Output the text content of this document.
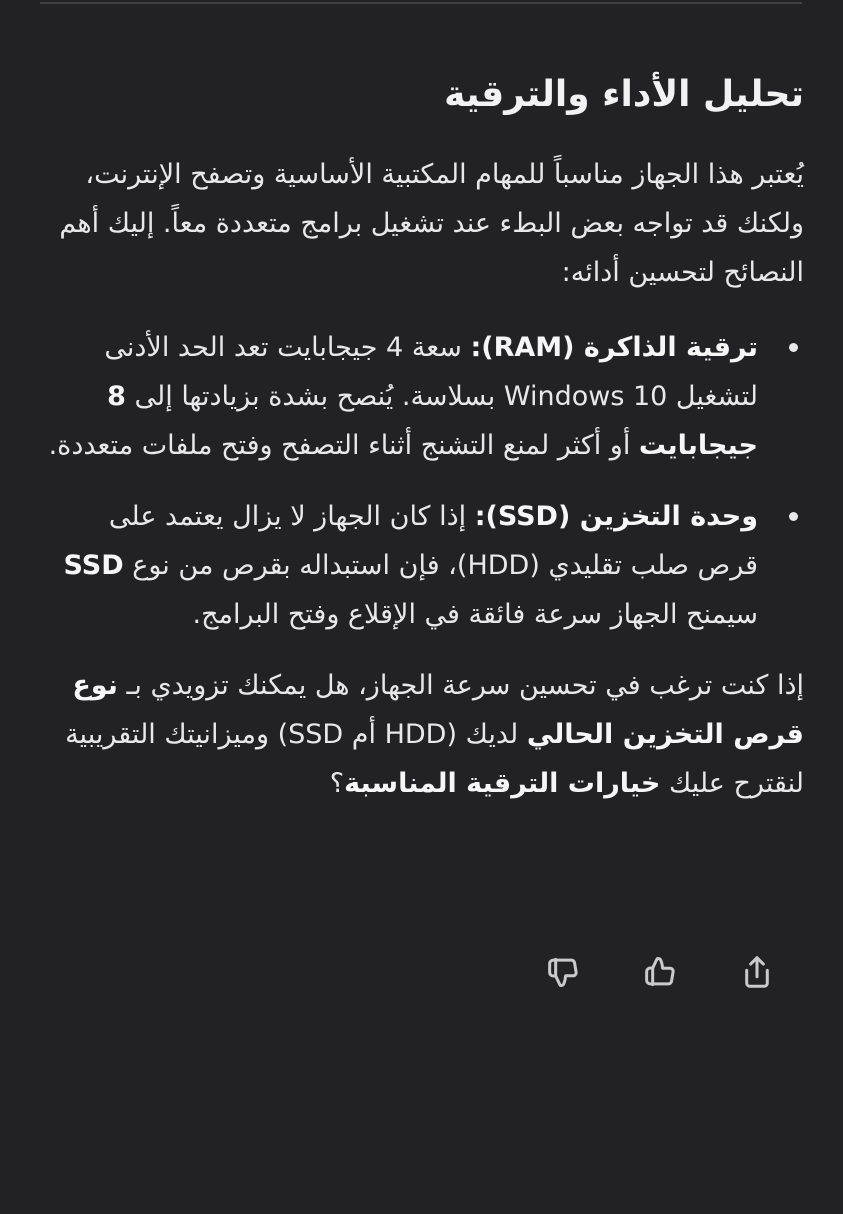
تحليل الأداء والترقية

يُعتبر هذا الجهاز مناسباً للمهام المكتبية الأساسية وتصفح الإنترنت، ولكنك قد تواجه بعض البطء عند تشغيل برامج متعددة معاً. إليك أهم النصائح لتحسين أدائه:

ترقية الذاكرة (RAM): سعة 4 جيجابايت تعد الحد الأدنى لتشغيل Windows 10 بسلاسة. يُنصح بشدة بزيادتها إلى 8 جيجابايت أو أكثر لمنع التشنج أثناء التصفح وفتح ملفات متعددة.
وحدة التخزين (SSD): إذا كان الجهاز لا يزال يعتمد على قرص صلب تقليدي (HDD)، فإن استبداله بقرص من نوع SSD سيمنح الجهاز سرعة فائقة في الإقلاع وفتح البرامج.

إذا كنت ترغب في تحسين سرعة الجهاز، هل يمكنك تزويدي بـ نوع قرص التخزين الحالي لديك (HDD أم SSD) وميزانيتك التقريبية لنقترح عليك خيارات الترقية المناسبة؟
